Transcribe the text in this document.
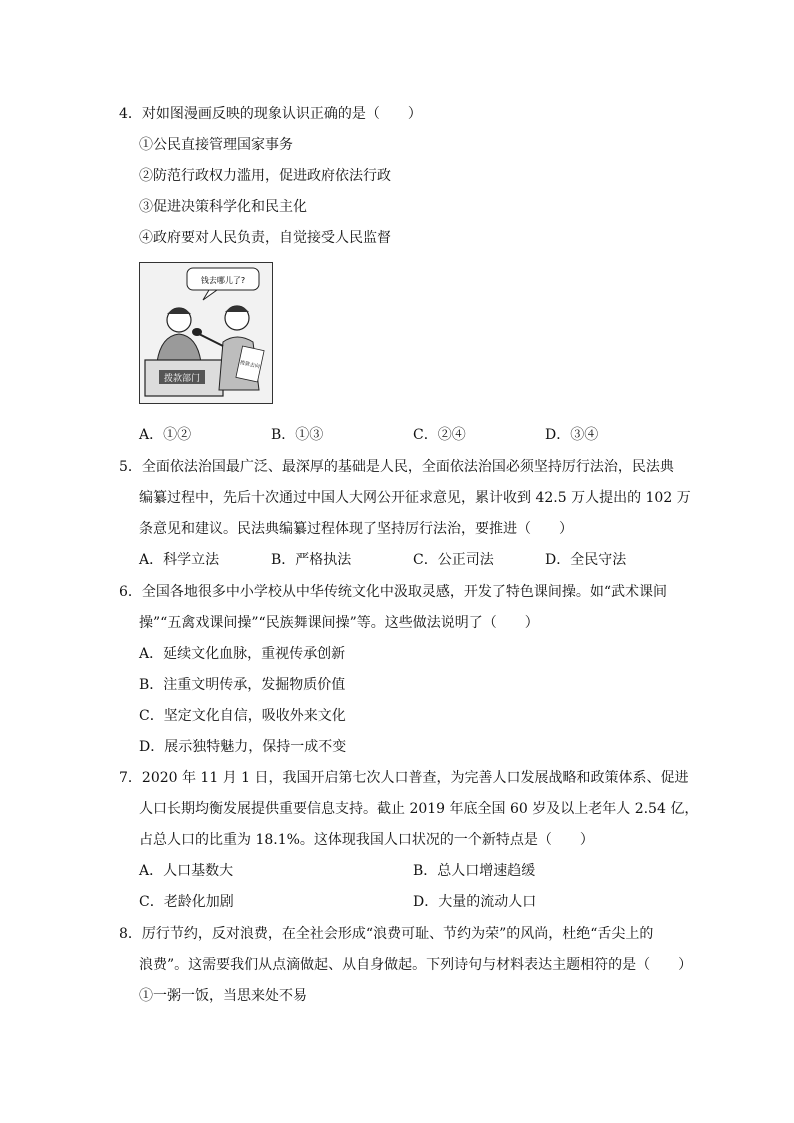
4．对如图漫画反映的现象认识正确的是（　　）
①公民直接管理国家事务
②防范行政权力滥用，促进政府依法行政
③促进决策科学化和民主化
④政府要对人民负责，自觉接受人民监督
钱去哪儿了?
拨款部门
拨款去向
A．①②	B．①③	C．②④	D．③④
5．全面依法治国最广泛、最深厚的基础是人民，全面依法治国必须坚持厉行法治，民法典
编纂过程中，先后十次通过中国人大网公开征求意见，累计收到 42.5 万人提出的 102 万
条意见和建议。民法典编纂过程体现了坚持厉行法治，要推进（　　）
A．科学立法	B．严格执法	C．公正司法	D．全民守法
6．全国各地很多中小学校从中华传统文化中汲取灵感，开发了特色课间操。如“武术课间
操”“五禽戏课间操”“民族舞课间操”等。这些做法说明了（　　）
A．延续文化血脉，重视传承创新
B．注重文明传承，发掘物质价值
C．坚定文化自信，吸收外来文化
D．展示独特魅力，保持一成不变
7．2020 年 11 月 1 日，我国开启第七次人口普查，为完善人口发展战略和政策体系、促进
人口长期均衡发展提供重要信息支持。截止 2019 年底全国 60 岁及以上老年人 2.54 亿，
占总人口的比重为 18.1%。这体现我国人口状况的一个新特点是（　　）
A．人口基数大	B．总人口增速趋缓
C．老龄化加剧	D．大量的流动人口
8．厉行节约，反对浪费，在全社会形成“浪费可耻、节约为荣”的风尚，杜绝“舌尖上的
浪费”。这需要我们从点滴做起、从自身做起。下列诗句与材料表达主题相符的是（　　）
①一粥一饭，当思来处不易
